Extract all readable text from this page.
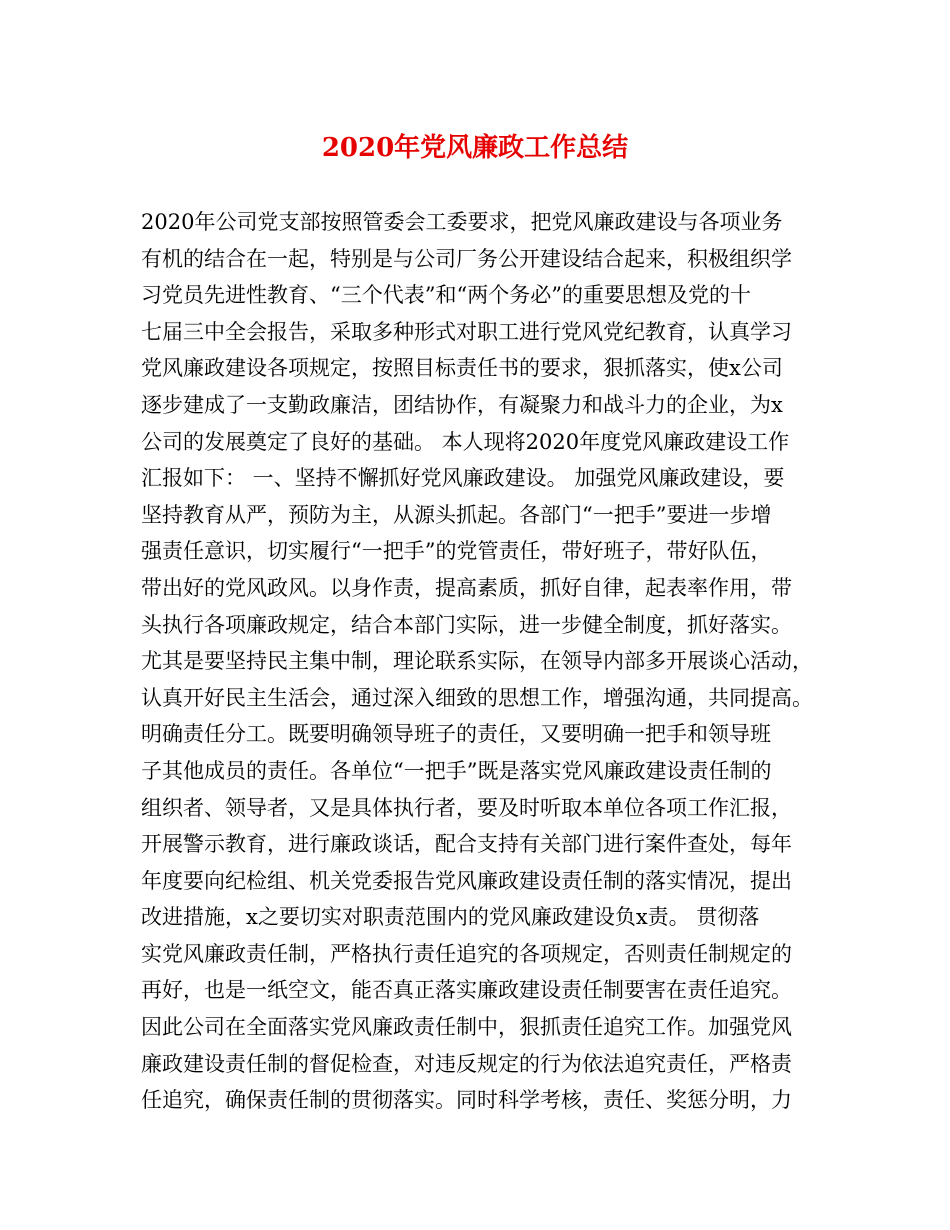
2020年党风廉政工作总结
2020年公司党支部按照管委会工委要求，把党风廉政建设与各项业务
有机的结合在一起，特别是与公司厂务公开建设结合起来，积极组织学
习党员先进性教育、“三个代表”和“两个务必”的重要思想及党的十
七届三中全会报告，采取多种形式对职工进行党风党纪教育，认真学习
党风廉政建设各项规定，按照目标责任书的要求，狠抓落实，使x公司
逐步建成了一支勤政廉洁，团结协作，有凝聚力和战斗力的企业，为x
公司的发展奠定了良好的基础。 本人现将2020年度党风廉政建设工作
汇报如下： 一、坚持不懈抓好党风廉政建设。 加强党风廉政建设，要
坚持教育从严，预防为主，从源头抓起。各部门“一把手”要进一步增
强责任意识，切实履行“一把手”的党管责任，带好班子，带好队伍，
带出好的党风政风。以身作责，提高素质，抓好自律，起表率作用，带
头执行各项廉政规定，结合本部门实际，进一步健全制度，抓好落实。
尤其是要坚持民主集中制，理论联系实际，在领导内部多开展谈心活动，
认真开好民主生活会，通过深入细致的思想工作，增强沟通，共同提高。
明确责任分工。既要明确领导班子的责任，又要明确一把手和领导班
子其他成员的责任。各单位“一把手”既是落实党风廉政建设责任制的
组织者、领导者，又是具体执行者，要及时听取本单位各项工作汇报，
开展警示教育，进行廉政谈话，配合支持有关部门进行案件查处，每年
年度要向纪检组、机关党委报告党风廉政建设责任制的落实情况，提出
改进措施，x之要切实对职责范围内的党风廉政建设负x责。 贯彻落
实党风廉政责任制，严格执行责任追究的各项规定，否则责任制规定的
再好，也是一纸空文，能否真正落实廉政建设责任制要害在责任追究。
因此公司在全面落实党风廉政责任制中，狠抓责任追究工作。加强党风
廉政建设责任制的督促检查，对违反规定的行为依法追究责任，严格责
任追究，确保责任制的贯彻落实。同时科学考核，责任、奖惩分明，力
